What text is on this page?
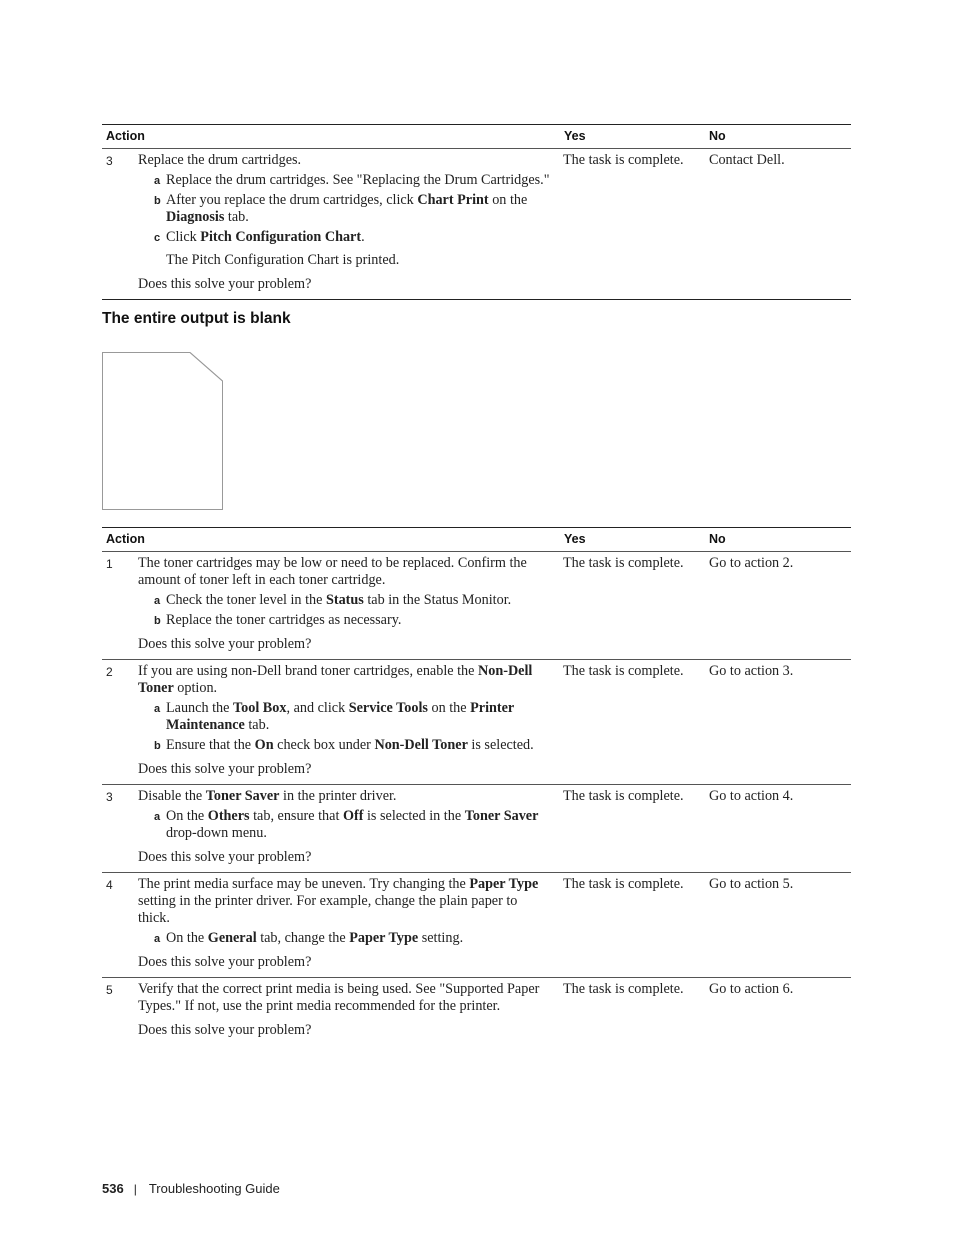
Action	Yes	No
3 Replace the drum cartridges.

a Replace the drum cartridges. See "Replacing the Drum Cartridges."

b After you replace the drum cartridges, click Chart Print on the Diagnosis tab.

c Click Pitch Configuration Chart.

The Pitch Configuration Chart is printed.

Does this solve your problem?

The task is complete. Contact Dell.
The entire output is blank
Action	Yes	No
1 The toner cartridges may be low or need to be replaced. Confirm the amount of toner left in each toner cartridge.

a Check the toner level in the Status tab in the Status Monitor.

b Replace the toner cartridges as necessary.

Does this solve your problem?

The task is complete. Go to action 2.
2 If you are using non-Dell brand toner cartridges, enable the Non-Dell Toner option.

a Launch the Tool Box, and click Service Tools on the Printer Maintenance tab.

b Ensure that the On check box under Non-Dell Toner is selected.

Does this solve your problem?

The task is complete. Go to action 3.
3 Disable the Toner Saver in the printer driver.

a On the Others tab, ensure that Off is selected in the Toner Saver drop-down menu.

Does this solve your problem?

The task is complete. Go to action 4.
4 The print media surface may be uneven. Try changing the Paper Type setting in the printer driver. For example, change the plain paper to thick.

a On the General tab, change the Paper Type setting.

Does this solve your problem?

The task is complete. Go to action 5.
5 Verify that the correct print media is being used. See "Supported Paper Types." If not, use the print media recommended for the printer.

Does this solve your problem?

The task is complete. Go to action 6.
536 | Troubleshooting Guide
